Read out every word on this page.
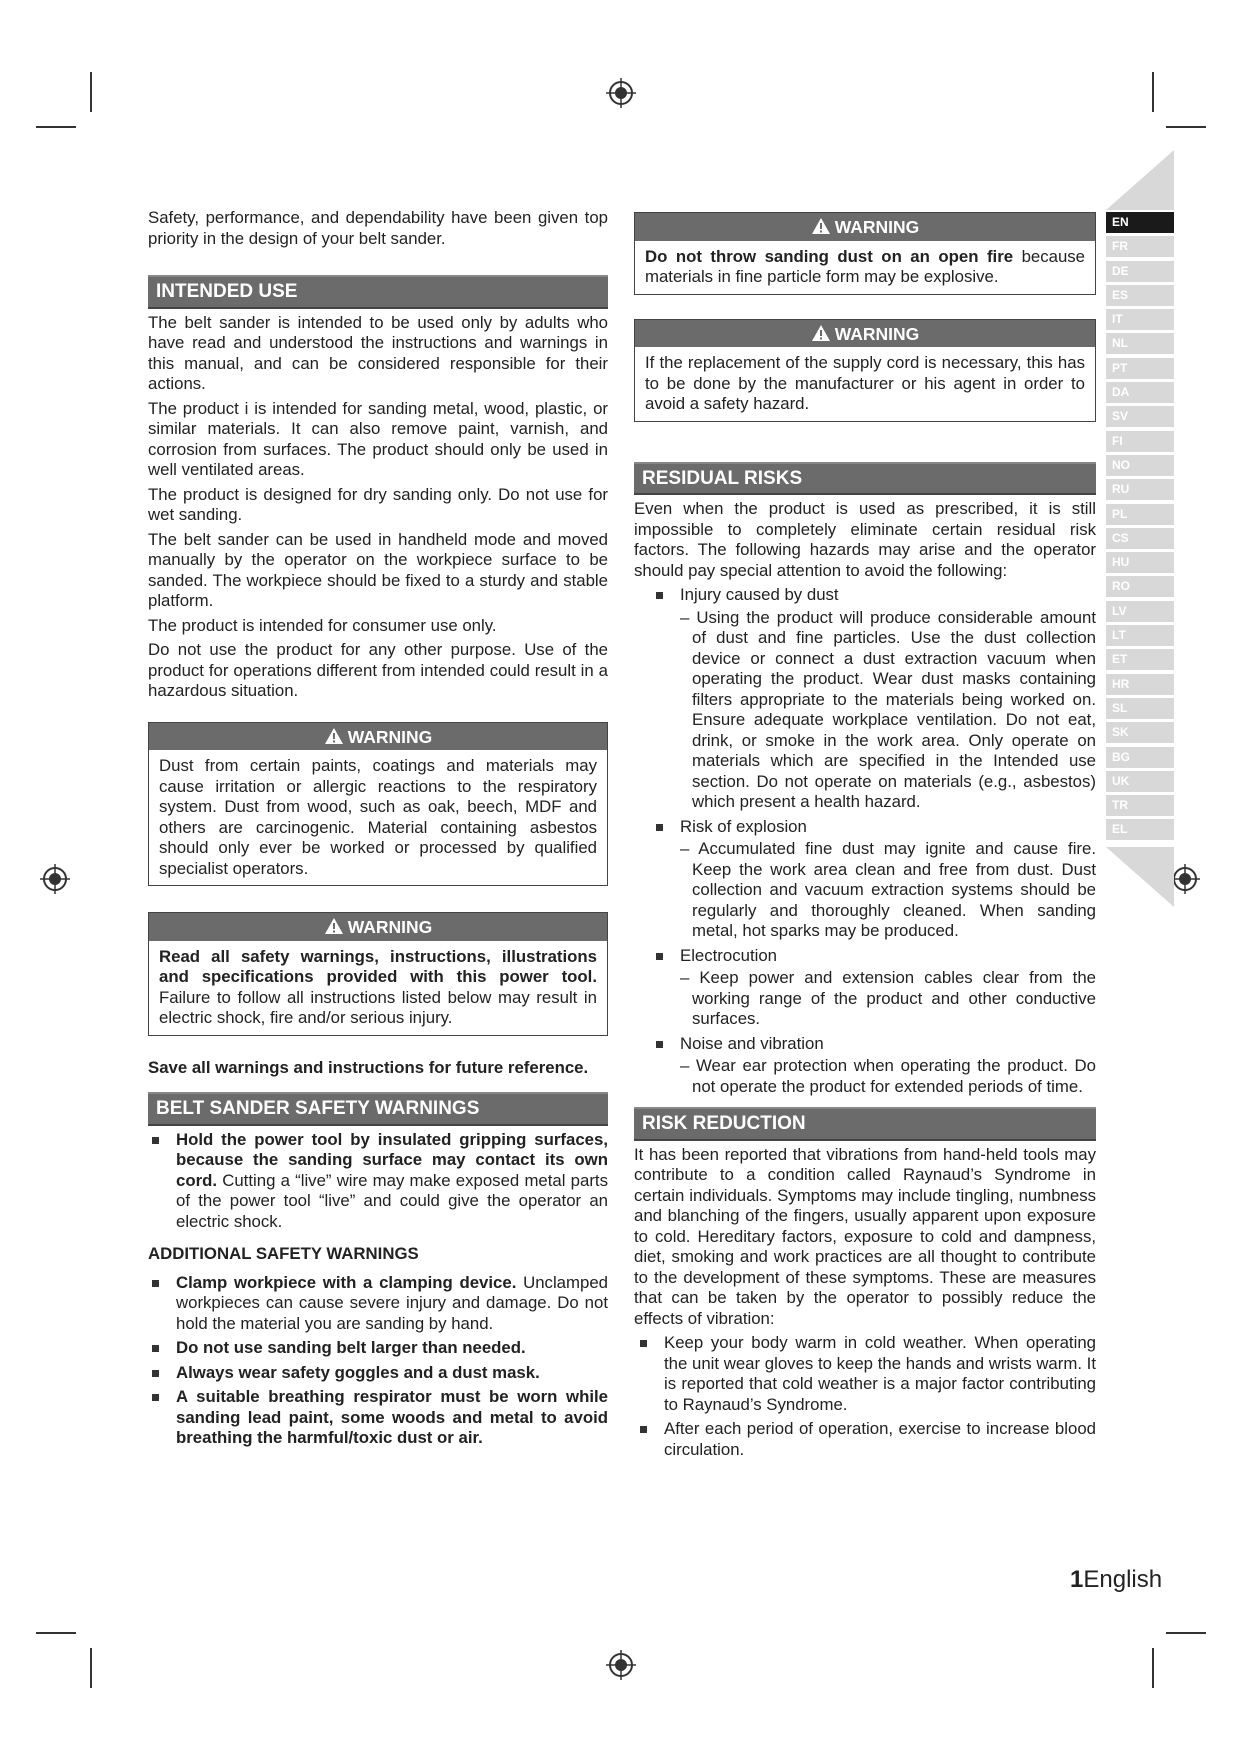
EN
FR
DE
ES
IT
NL
PT
DA
SV
FI
NO
RU
PL
CS
HU
RO
LV
LT
ET
HR
SL
SK
BG
UK
TR
EL

Safety, performance, and dependability have been given top priority in the design of your belt sander.

INTENDED USE

The belt sander is intended to be used only by adults who have read and understood the instructions and warnings in this manual, and can be considered responsible for their actions.

The product i is intended for sanding metal, wood, plastic, or similar materials. It can also remove paint, varnish, and corrosion from surfaces. The product should only be used in well ventilated areas.

The product is designed for dry sanding only. Do not use for wet sanding.

The belt sander can be used in handheld mode and moved manually by the operator on the workpiece surface to be sanded. The workpiece should be fixed to a sturdy and stable platform.

The product is intended for consumer use only.

Do not use the product for any other purpose. Use of the product for operations different from intended could result in a hazardous situation.

WARNING
Dust from certain paints, coatings and materials may cause irritation or allergic reactions to the respiratory system. Dust from wood, such as oak, beech, MDF and others are carcinogenic. Material containing asbestos should only ever be worked or processed by qualified specialist operators.
WARNING
Read all safety warnings, instructions, illustrations and specifications provided with this power tool. Failure to follow all instructions listed below may result in electric shock, fire and/or serious injury.

Save all warnings and instructions for future reference.

BELT SANDER SAFETY WARNINGS
Hold the power tool by insulated gripping surfaces, because the sanding surface may contact its own cord. Cutting a “live” wire may make exposed metal parts of the power tool “live” and could give the operator an electric shock.

ADDITIONAL SAFETY WARNINGS

Clamp workpiece with a clamping device. Unclamped workpieces can cause severe injury and damage. Do not hold the material you are sanding by hand.
Do not use sanding belt larger than needed.
Always wear safety goggles and a dust mask.
A suitable breathing respirator must be worn while sanding lead paint, some woods and metal to avoid breathing the harmful/toxic dust or air.
WARNING
Do not throw sanding dust on an open fire because materials in fine particle form may be explosive.
WARNING
If the replacement of the supply cord is necessary, this has to be done by the manufacturer or his agent in order to avoid a safety hazard.
RESIDUAL RISKS

Even when the product is used as prescribed, it is still impossible to completely eliminate certain residual risk factors. The following hazards may arise and the operator should pay special attention to avoid the following:

Injury caused by dust
– Using the product will produce considerable amount of dust and fine particles. Use the dust collection device or connect a dust extraction vacuum when operating the product. Wear dust masks containing filters appropriate to the materials being worked on. Ensure adequate workplace ventilation. Do not eat, drink, or smoke in the work area. Only operate on materials which are specified in the Intended use section. Do not operate on materials (e.g., asbestos) which present a health hazard.
Risk of explosion
– Accumulated fine dust may ignite and cause fire. Keep the work area clean and free from dust. Dust collection and vacuum extraction systems should be regularly and thoroughly cleaned. When sanding metal, hot sparks may be produced.
Electrocution
– Keep power and extension cables clear from the working range of the product and other conductive surfaces.
Noise and vibration
– Wear ear protection when operating the product. Do not operate the product for extended periods of time.
RISK REDUCTION

It has been reported that vibrations from hand-held tools may contribute to a condition called Raynaud’s Syndrome in certain individuals. Symptoms may include tingling, numbness and blanching of the fingers, usually apparent upon exposure to cold. Hereditary factors, exposure to cold and dampness, diet, smoking and work practices are all thought to contribute to the development of these symptoms. These are measures that can be taken by the operator to possibly reduce the effects of vibration:

Keep your body warm in cold weather. When operating the unit wear gloves to keep the hands and wrists warm. It is reported that cold weather is a major factor contributing to Raynaud’s Syndrome.
After each period of operation, exercise to increase blood circulation.
1English
